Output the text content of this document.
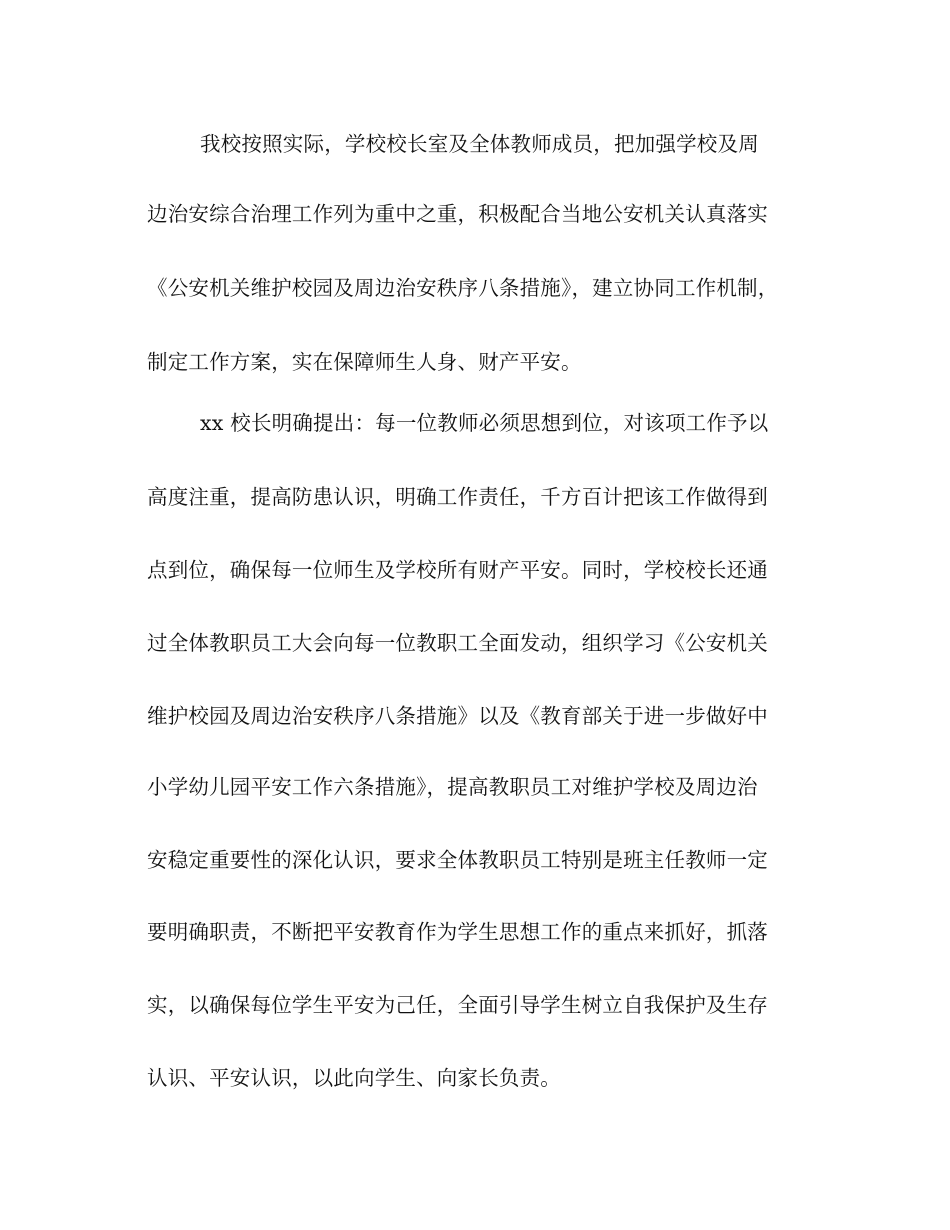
我校按照实际，学校校长室及全体教师成员，把加强学校及周
边治安综合治理工作列为重中之重，积极配合当地公安机关认真落实
《公安机关维护校园及周边治安秩序八条措施》，建立协同工作机制，
制定工作方案，实在保障师生人身、财产平安。
xx 校长明确提出：每一位教师必须思想到位，对该项工作予以
高度注重，提高防患认识，明确工作责任，千方百计把该工作做得到
点到位，确保每一位师生及学校所有财产平安。同时，学校校长还通
过全体教职员工大会向每一位教职工全面发动，组织学习《公安机关
维护校园及周边治安秩序八条措施》以及《教育部关于进一步做好中
小学幼儿园平安工作六条措施》，提高教职员工对维护学校及周边治
安稳定重要性的深化认识，要求全体教职员工特别是班主任教师一定
要明确职责，不断把平安教育作为学生思想工作的重点来抓好，抓落
实，以确保每位学生平安为己任，全面引导学生树立自我保护及生存
认识、平安认识，以此向学生、向家长负责。
